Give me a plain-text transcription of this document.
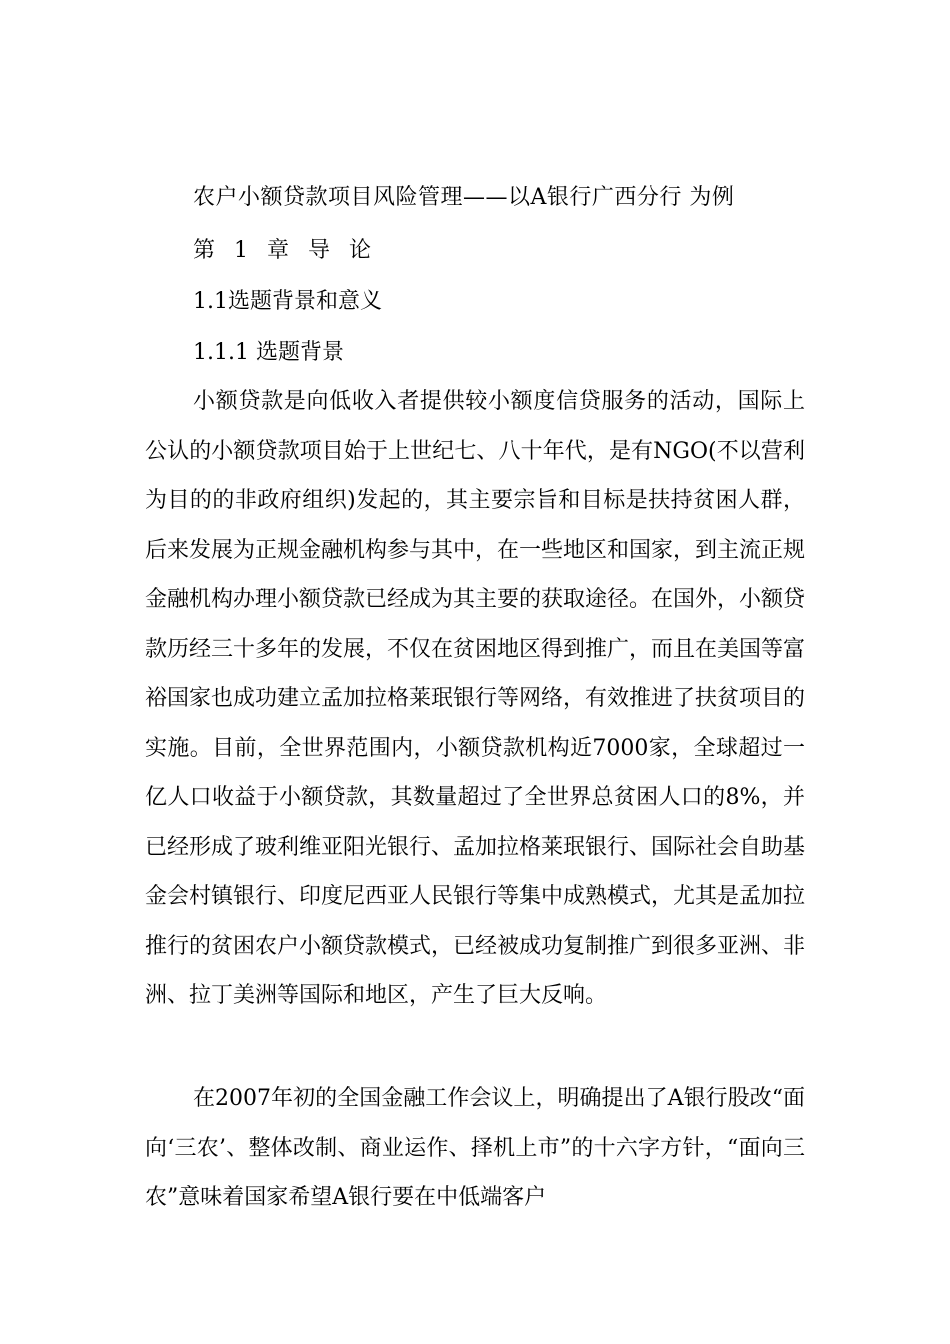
农户小额贷款项目风险管理——以A银行广西分行 为例
第 1 章 导 论
1.1选题背景和意义
1.1.1 选题背景

小额贷款是向低收入者提供较小额度信贷服务的活动，国际上公认的小额贷款项目始于上世纪七、八十年代，是有NGO(不以营利为目的的非政府组织)发起的，其主要宗旨和目标是扶持贫困人群，后来发展为正规金融机构参与其中，在一些地区和国家，到主流正规金融机构办理小额贷款已经成为其主要的获取途径。在国外，小额贷款历经三十多年的发展，不仅在贫困地区得到推广，而且在美国等富裕国家也成功建立孟加拉格莱珉银行等网络，有效推进了扶贫项目的实施。目前，全世界范围内，小额贷款机构近7000家，全球超过一亿人口收益于小额贷款，其数量超过了全世界总贫困人口的8%，并已经形成了玻利维亚阳光银行、孟加拉格莱珉银行、国际社会自助基金会村镇银行、印度尼西亚人民银行等集中成熟模式，尤其是孟加拉推行的贫困农户小额贷款模式，已经被成功复制推广到很多亚洲、非洲、拉丁美洲等国际和地区，产生了巨大反响。

在2007年初的全国金融工作会议上，明确提出了A银行股改“面向‘三农’、整体改制、商业运作、择机上市”的十六字方针，“面向三农”意味着国家希望A银行要在中低端客户
